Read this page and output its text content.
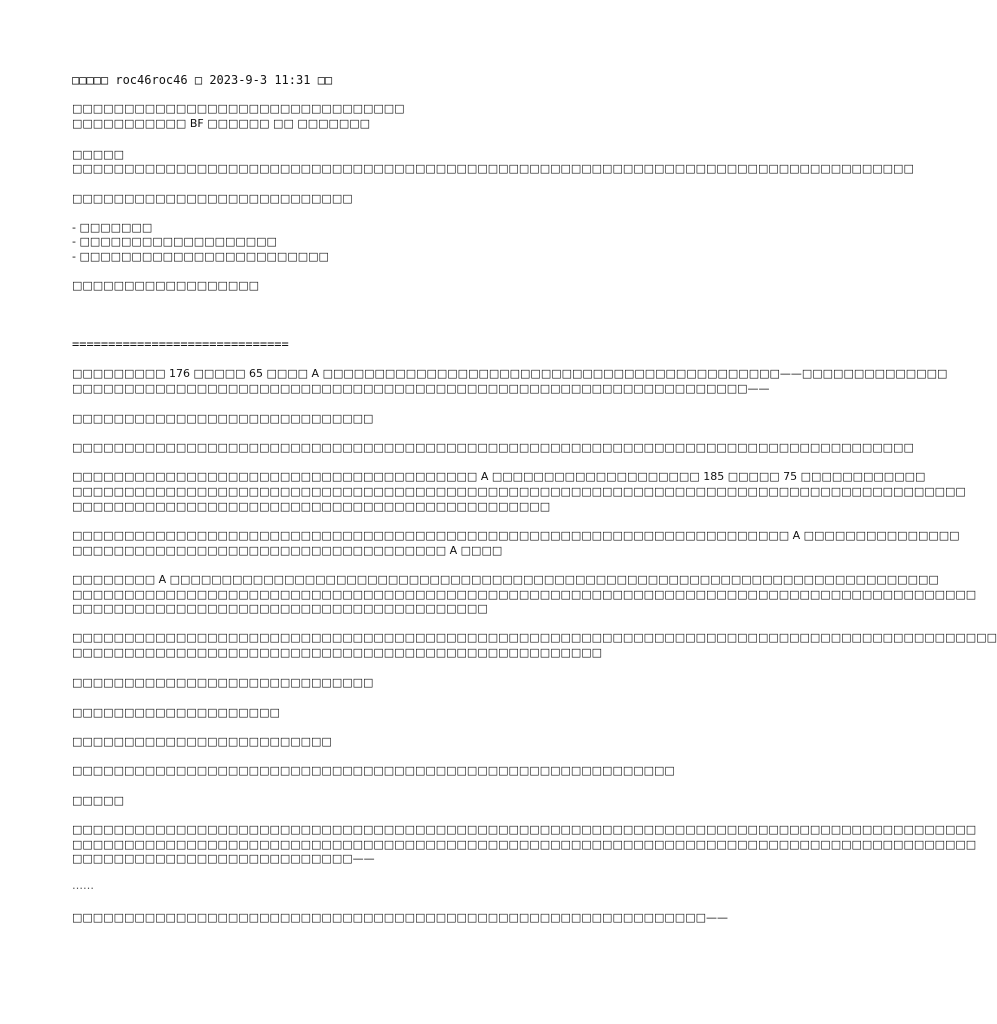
□□□□□ roc46roc46 □ 2023-9-3 11:31 □□
□□□□□□□□□□□□□□□□□□□□□□□□□□□□□□□□
□□□□□□□□□□□ BF □□□□□□ □□ □□□□□□□
□□□□□
□□□□□□□□□□□□□□□□□□□□□□□□□□□□□□□□□□□□□□□□□□□□□□□□□□□□□□□□□□□□□□□□□□□□□□□□□□□□□□□□□
□□□□□□□□□□□□□□□□□□□□□□□□□□□
- □□□□□□□
- □□□□□□□□□□□□□□□□□□□
- □□□□□□□□□□□□□□□□□□□□□□□□
□□□□□□□□□□□□□□□□□□
==============================
□□□□□□□□□ 176 □□□□□ 65 □□□□ A □□□□□□□□□□□□□□□□□□□□□□□□□□□□□□□□□□□□□□□□□□□□——□□□□□□□□□□□□□□
□□□□□□□□□□□□□□□□□□□□□□□□□□□□□□□□□□□□□□□□□□□□□□□□□□□□□□□□□□□□□□□□□——
□□□□□□□□□□□□□□□□□□□□□□□□□□□□□
□□□□□□□□□□□□□□□□□□□□□□□□□□□□□□□□□□□□□□□□□□□□□□□□□□□□□□□□□□□□□□□□□□□□□□□□□□□□□□□□□
□□□□□□□□□□□□□□□□□□□□□□□□□□□□□□□□□□□□□□□ A □□□□□□□□□□□□□□□□□□□□ 185 □□□□□ 75 □□□□□□□□□□□□
□□□□□□□□□□□□□□□□□□□□□□□□□□□□□□□□□□□□□□□□□□□□□□□□□□□□□□□□□□□□□□□□□□□□□□□□□□□□□□□□□□□□□□
□□□□□□□□□□□□□□□□□□□□□□□□□□□□□□□□□□□□□□□□□□□□□□
□□□□□□□□□□□□□□□□□□□□□□□□□□□□□□□□□□□□□□□□□□□□□□□□□□□□□□□□□□□□□□□□□□□□□ A □□□□□□□□□□□□□□□
□□□□□□□□□□□□□□□□□□□□□□□□□□□□□□□□□□□□ A □□□□
□□□□□□□□ A □□□□□□□□□□□□□□□□□□□□□□□□□□□□□□□□□□□□□□□□□□□□□□□□□□□□□□□□□□□□□□□□□□□□□□□□□□
□□□□□□□□□□□□□□□□□□□□□□□□□□□□□□□□□□□□□□□□□□□□□□□□□□□□□□□□□□□□□□□□□□□□□□□□□□□□□□□□□□□□□□□
□□□□□□□□□□□□□□□□□□□□□□□□□□□□□□□□□□□□□□□□
□□□□□□□□□□□□□□□□□□□□□□□□□□□□□□□□□□□□□□□□□□□□□□□□□□□□□□□□□□□□□□□□□□□□□□□□□□□□□□□□□□□□□□□□□
□□□□□□□□□□□□□□□□□□□□□□□□□□□□□□□□□□□□□□□□□□□□□□□□□□□
□□□□□□□□□□□□□□□□□□□□□□□□□□□□□
□□□□□□□□□□□□□□□□□□□□
□□□□□□□□□□□□□□□□□□□□□□□□□
□□□□□□□□□□□□□□□□□□□□□□□□□□□□□□□□□□□□□□□□□□□□□□□□□□□□□□□□□□
□□□□□
□□□□□□□□□□□□□□□□□□□□□□□□□□□□□□□□□□□□□□□□□□□□□□□□□□□□□□□□□□□□□□□□□□□□□□□□□□□□□□□□□□□□□□□
□□□□□□□□□□□□□□□□□□□□□□□□□□□□□□□□□□□□□□□□□□□□□□□□□□□□□□□□□□□□□□□□□□□□□□□□□□□□□□□□□□□□□□□
□□□□□□□□□□□□□□□□□□□□□□□□□□□——
……
□□□□□□□□□□□□□□□□□□□□□□□□□□□□□□□□□□□□□□□□□□□□□□□□□□□□□□□□□□□□□——
